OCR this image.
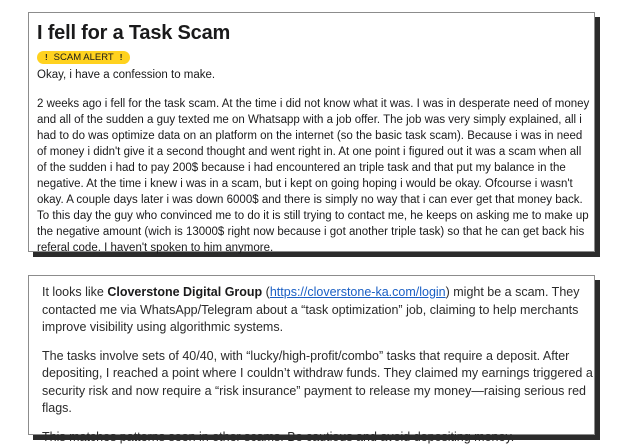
I fell for a Task Scam
! SCAM ALERT !

Okay, i have a confession to make.

2 weeks ago i fell for the task scam. At the time i did not know what it was. I was in desperate need of money and all of the sudden a guy texted me on Whatsapp with a job offer. The job was very simply explained, all i had to do was optimize data on an platform on the internet (so the basic task scam). Because i was in need of money i didn't give it a second thought and went right in. At one point i figured out it was a scam when all of the sudden i had to pay 200$ because i had encountered an triple task and that put my balance in the negative. At the time i knew i was in a scam, but i kept on going hoping i would be okay. Ofcourse i wasn't okay. A couple days later i was down 6000$ and there is simply no way that i can ever get that money back. To this day the guy who convinced me to do it is still trying to contact me, he keeps on asking me to make up the negative amount (wich is 13000$ right now because i got another triple task) so that he can get back his referal code. I haven't spoken to him anymore.

It looks like Cloverstone Digital Group (https://cloverstone-ka.com/login) might be a scam. They contacted me via WhatsApp/Telegram about a “task optimization” job, claiming to help merchants improve visibility using algorithmic systems.

The tasks involve sets of 40/40, with “lucky/high-profit/combo” tasks that require a deposit. After depositing, I reached a point where I couldn’t withdraw funds. They claimed my earnings triggered a security risk and now require a “risk insurance” payment to release my money—raising serious red flags.

This matches patterns seen in other scams. Be cautious and avoid depositing money.
